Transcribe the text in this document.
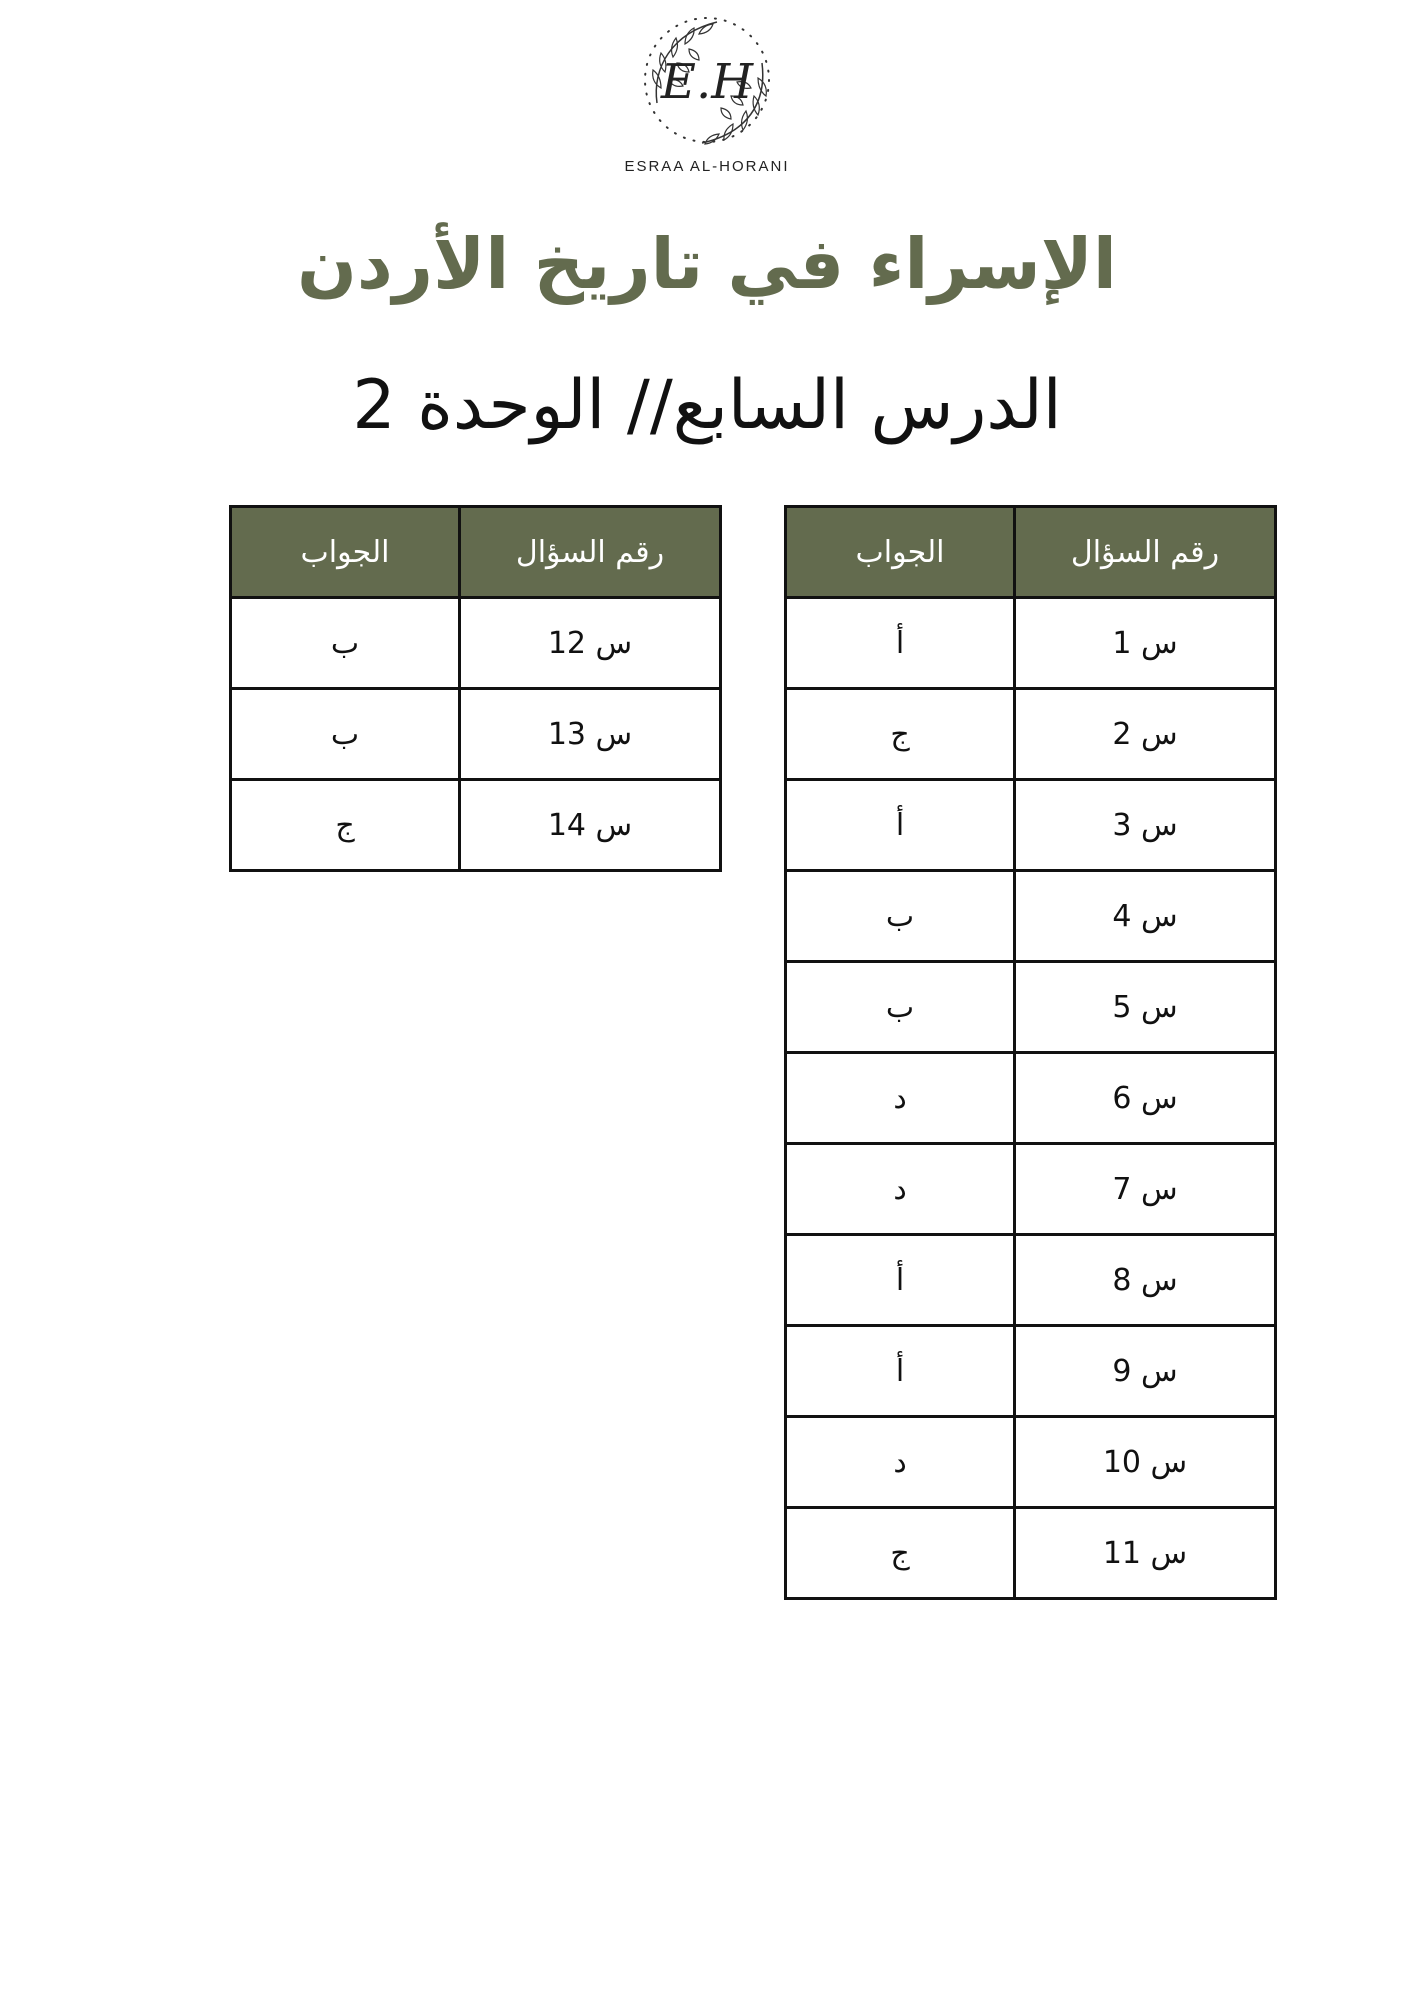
E.H
ESRAA AL-HORANI
الإسراء في تاريخ الأردن
الدرس السابع// الوحدة 2
رقم السؤال	الجواب
س 1	أ
س 2	ج
س 3	أ
س 4	ب
س 5	ب
س 6	د
س 7	د
س 8	أ
س 9	أ
س 10	د
س 11	ج
رقم السؤال	الجواب
س 12	ب
س 13	ب
س 14	ج
